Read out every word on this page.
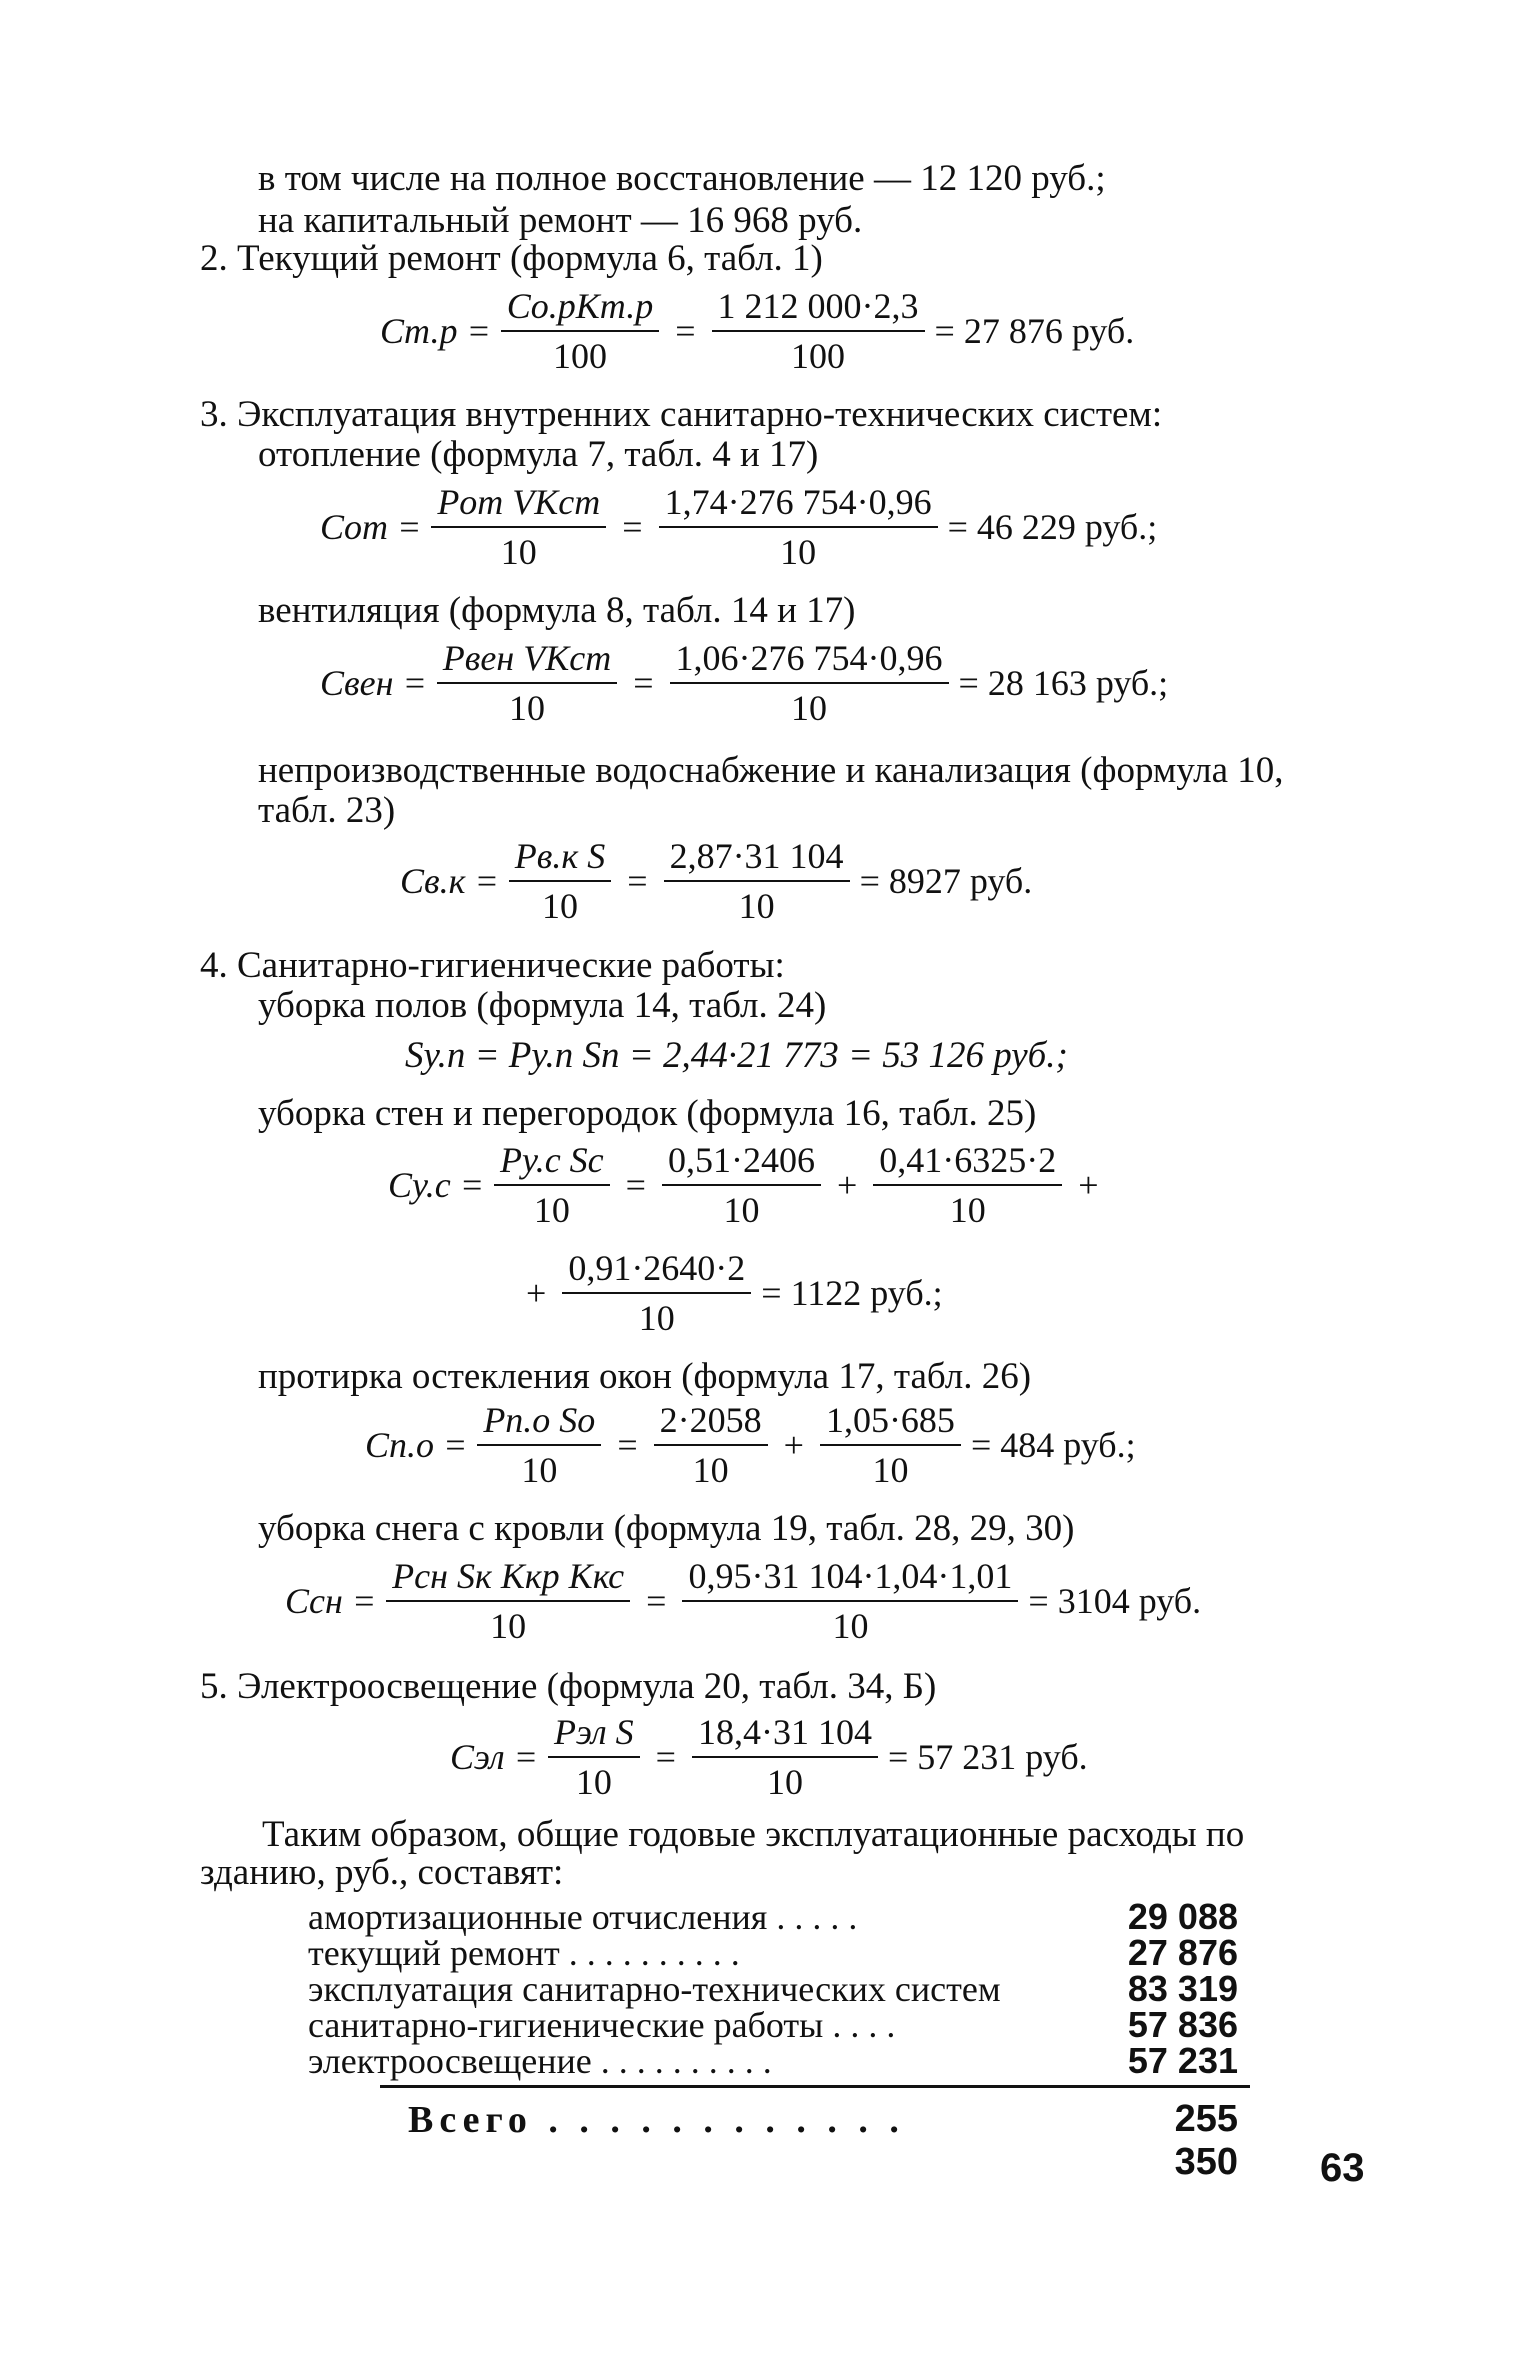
в том числе на полное восстановление — 12 120 руб.;
на капитальный ремонт — 16 968 руб.
2. Текущий ремонт (формула 6, табл. 1)
$Cт.р = \frac{\text{Co.pKт.p}}{100} = \frac{1 212 000\cdot 2,3}{100} = 27$ 876 руб.
3. Эксплуатация внутренних санитарно-технических систем:
отопление (формула 7, табл. 4 и 17)
Cот = $\frac{\text{Pот VKст}}{10} = \frac{1,74\cdot 276 754\cdot 0,96}{10} = 46$ 229 руб.;
вентиляция (формула 8, табл. 14 и 17)
Cвен = $\frac{\text{Pвен VKст}}{10} = \frac{1,06\cdot 276 754\cdot 0,96}{10} = 28$ 163 руб.;
непроизводственные водоснабжение и канализация (формула 10,
табл. 23)
$Cв.к = \frac{\text{Pв.к S}}{10} = \frac{2,87\cdot 31 104}{10} = 8927$ руб.
4. Санитарно-гигиенические работы:
уборка полов (формула 14, табл. 24)
Sу.п = Pу.п Sп = 2,44·21 773 = 53 126 руб.;
уборка стен и перегородок (формула 16, табл. 25)
$Cу.с = \frac{\text{Pу.с Sс}}{10} = \frac{0,51\cdot 2406}{10} + \frac{0,41\cdot 6325\cdot 2}{10}$ +
+ $\frac{0,91\cdot 2640\cdot 2}{10} = 1122$ руб.;
протирка остекления окон (формула 17, табл. 26)
$Cп.о = \frac{\text{Pп.о Sо}}{10} = \frac{2\cdot 2058}{10} + \frac{1,05\cdot 685}{10} = 484$ руб.;
уборка снега с кровли (формула 19, табл. 28, 29, 30)
Cсн = $\frac{\text{Pсн Sк Kкр Kкс}}{10} = \frac{0,95\cdot 31 104\cdot 1,04\cdot 1,01}{10} = 3104$ руб.
5. Электроосвещение (формула 20, табл. 34, Б)
Cэл = $\frac{\text{Pэл S}}{10} = \frac{18,4\cdot 31 104}{10} = 57$ 231 руб.
Таким образом, общие годовые эксплуатационные расходы по
зданию, руб., составят:
амортизационные отчисления . . . . .	29 088
текущий ремонт . . . . . . . . . .	27 876
эксплуатация санитарно-технических систем	83 319
санитарно-гигиенические работы . . . .	57 836
электроосвещение . . . . . . . . . .	57 231
Всего . . . . . . . . . . . .	255 350 63
